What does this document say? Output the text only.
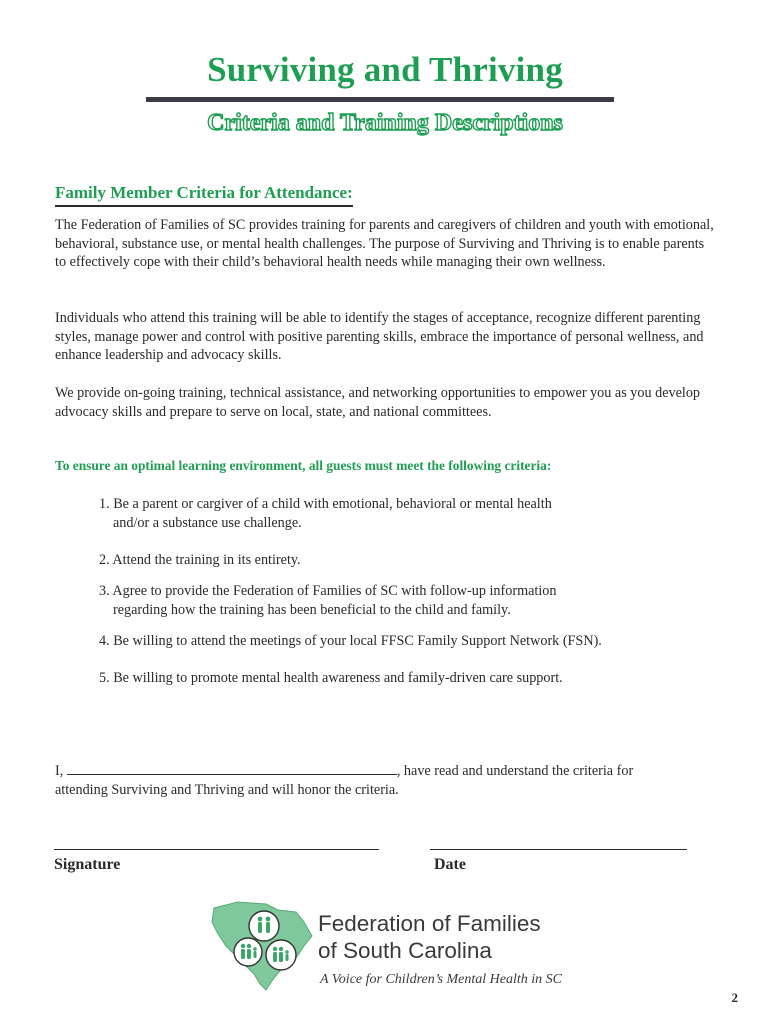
Surviving and Thriving
Criteria and Training Descriptions
Family Member Criteria for Attendance:

The Federation of Families of SC provides training for parents and caregivers of children and youth with emotional, behavioral, substance use, or mental health challenges. The purpose of Surviving and Thriving is to enable parents to effectively cope with their child’s behavioral health needs while managing their own wellness.

Individuals who attend this training will be able to identify the stages of acceptance, recognize different parenting styles, manage power and control with positive parenting skills, embrace the importance of personal wellness, and enhance leadership and advocacy skills.

We provide on-going training, technical assistance, and networking opportunities to empower you as you develop advocacy skills and prepare to serve on local, state, and national committees.

To ensure an optimal learning environment, all guests must meet the following criteria:

1. Be a parent or cargiver of a child with emotional, behavioral or mental health
and/or a substance use challenge.

2. Attend the training in its entirety.

3. Agree to provide the Federation of Families of SC with follow-up information
regarding how the training has been beneficial to the child and family.

4. Be willing to attend the meetings of your local FFSC Family Support Network (FSN).

5. Be willing to promote mental health awareness and family-driven care support.

I,	, have read and understand the criteria for
attending Surviving and Thriving and will honor the criteria.

Signature	Date
Federation of Families
of South Carolina
A Voice for Children’s Mental Health in SC
2
